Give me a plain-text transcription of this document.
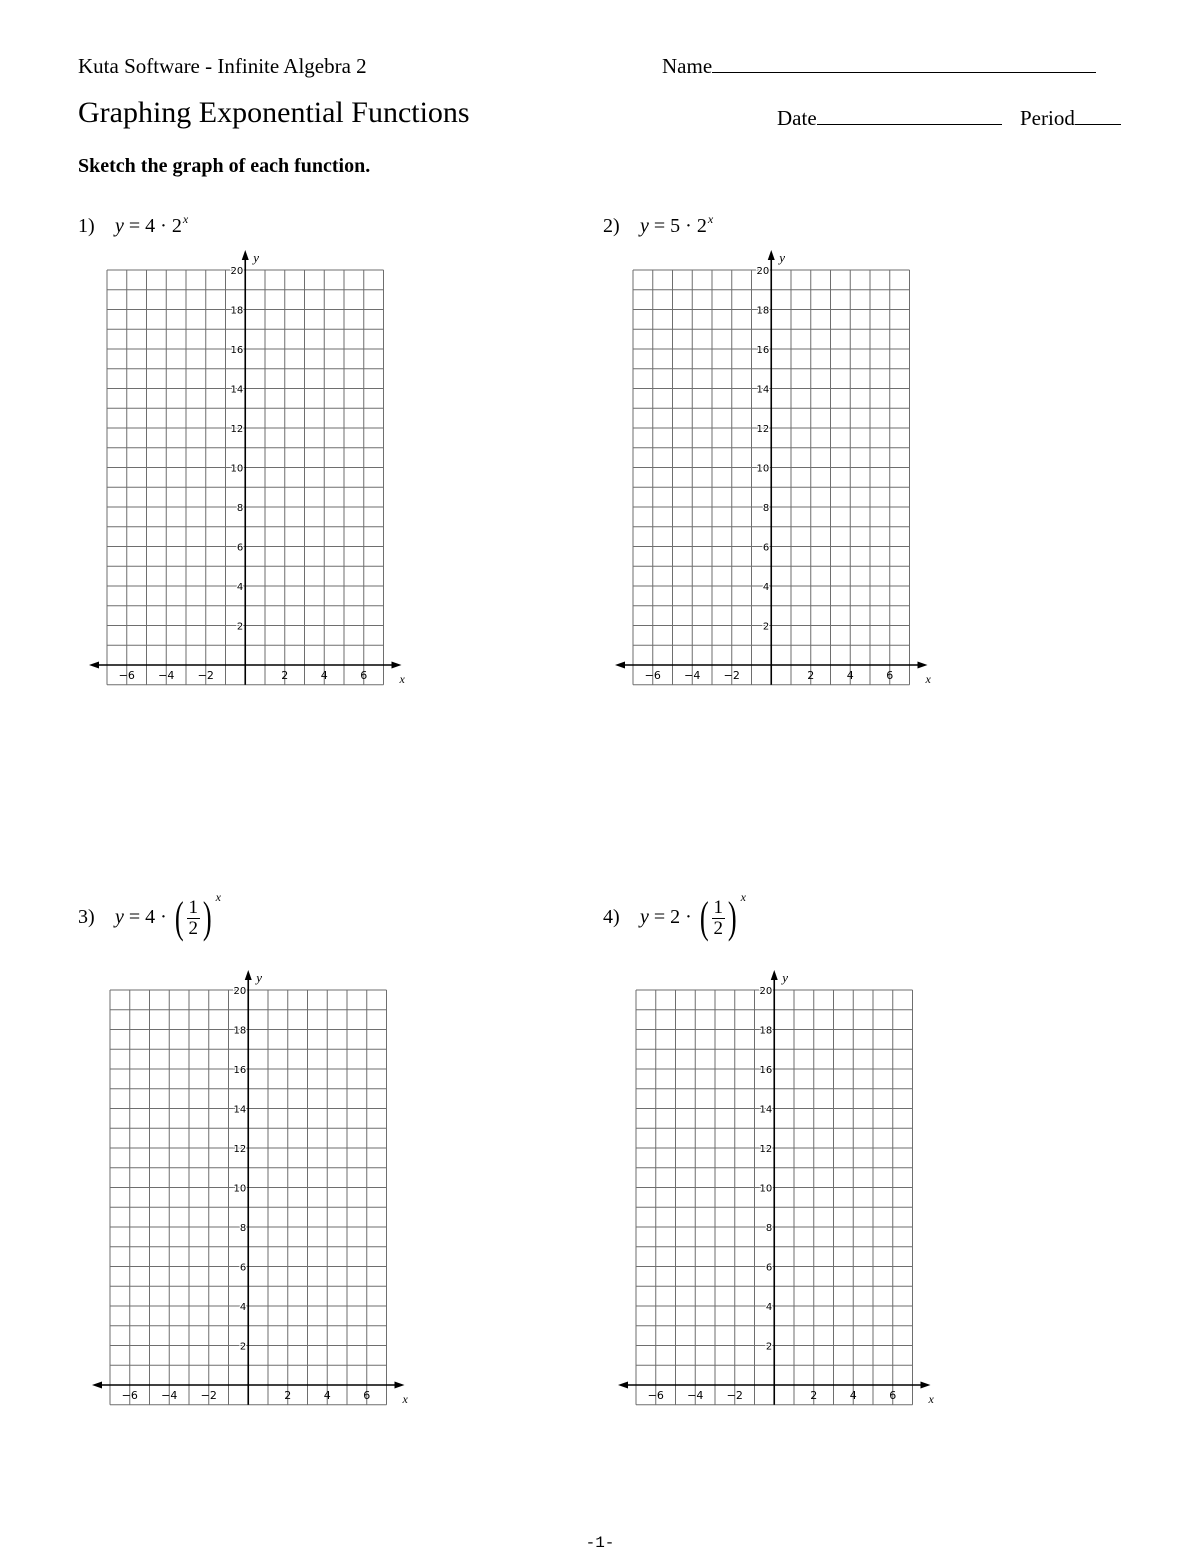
Kuta Software - Infinite Algebra 2	Name
Graphing Exponential Functions	Date	Period
Sketch the graph of each function.
1) $y = 4 \cdot 2^x$	2) $y = 5 \cdot 2^x$
3) y = 4 · ( $\frac{1}{2}$ ) $^x$
4) y = 2 · ( $\frac{1}{2}$ ) $^x$
−6 −4 −2	2	4	6
2
4
6
8
10
12
14
16
18
20
x
y
−6 −4 −2	2	4	6
2
4
6
8
10
12
14
16
18
20
x
y
−6 −4 −2	2	4	6
2
4
6
8
10
12
14
16
18
20
x
y
−6 −4 −2	2	4	6
2
4
6
8
10
12
14
16
18
20
x
y
-1-
